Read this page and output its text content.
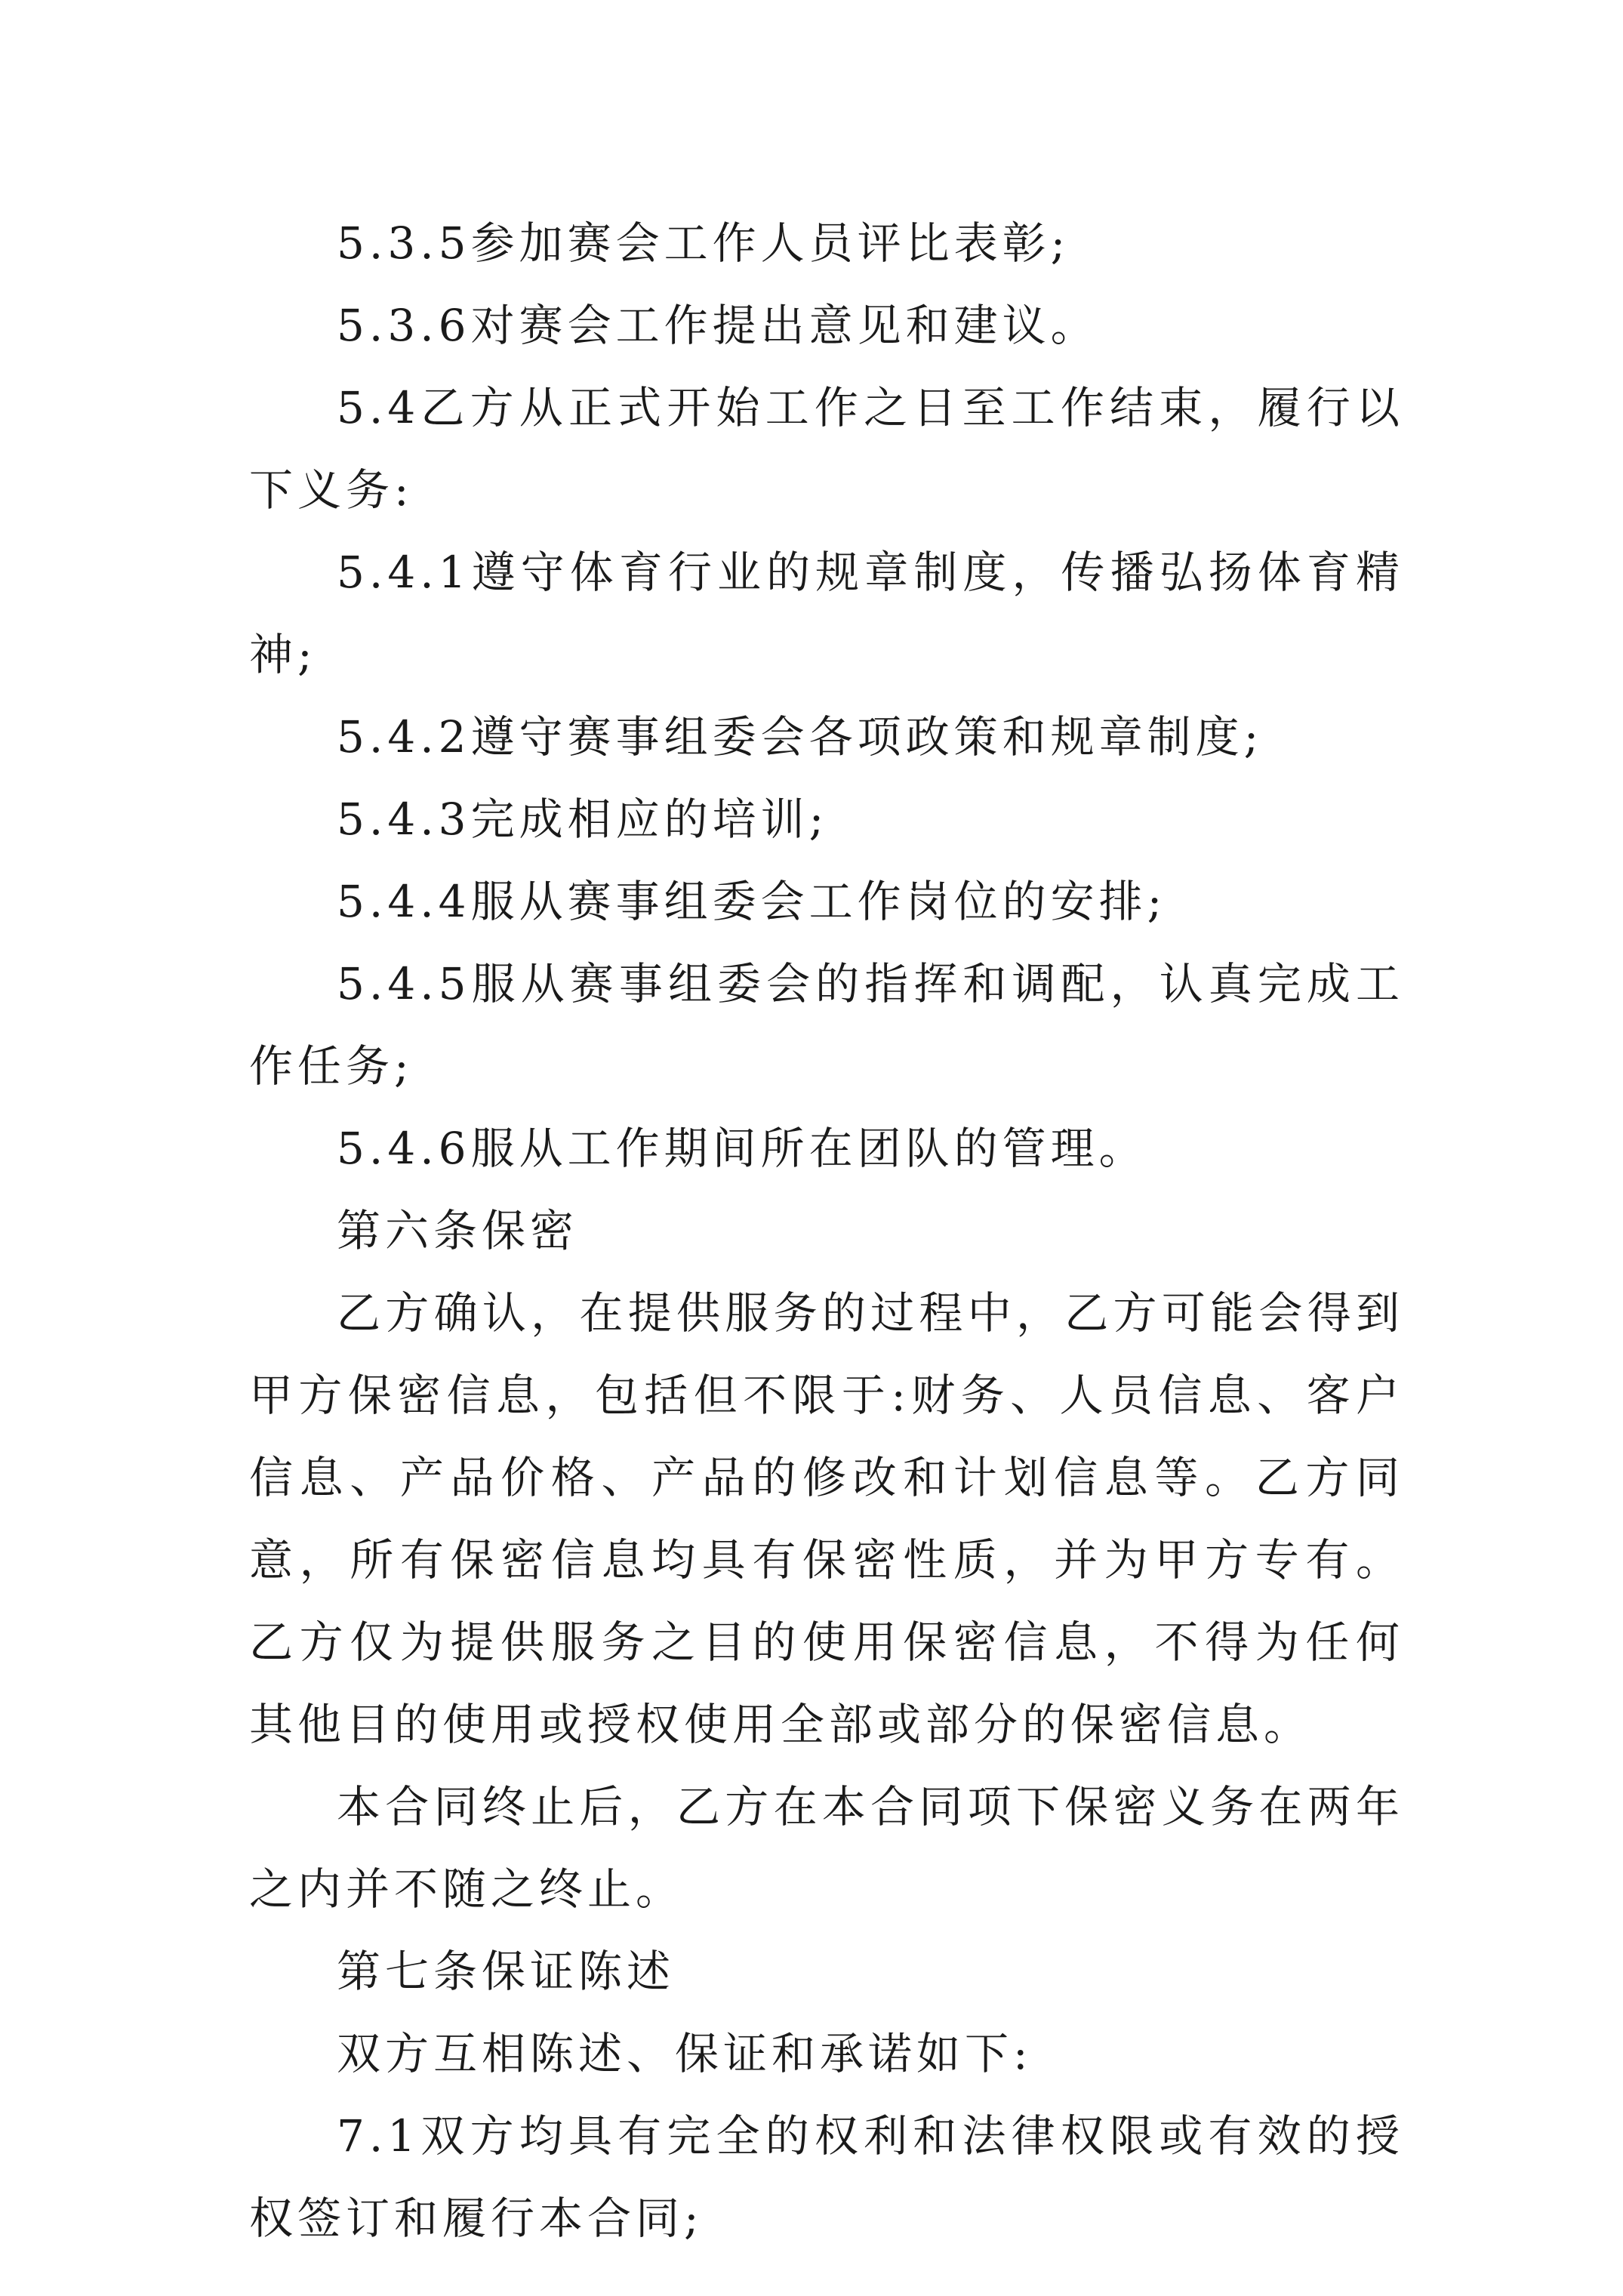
5.3.5参加赛会工作人员评比表彰;

5.3.6对赛会工作提出意见和建议。

5.4乙方从正式开始工作之日至工作结束，履行以下义务:

5.4.1遵守体育行业的规章制度，传播弘扬体育精神;

5.4.2遵守赛事组委会各项政策和规章制度;

5.4.3完成相应的培训;

5.4.4服从赛事组委会工作岗位的安排;

5.4.5服从赛事组委会的指挥和调配，认真完成工作任务;

5.4.6服从工作期间所在团队的管理。

第六条保密

乙方确认，在提供服务的过程中，乙方可能会得到甲方保密信息，包括但不限于:财务、人员信息、客户信息、产品价格、产品的修改和计划信息等。乙方同意，所有保密信息均具有保密性质，并为甲方专有。乙方仅为提供服务之目的使用保密信息，不得为任何其他目的使用或授权使用全部或部分的保密信息。

本合同终止后，乙方在本合同项下保密义务在两年之内并不随之终止。

第七条保证陈述

双方互相陈述、保证和承诺如下:

7.1双方均具有完全的权利和法律权限或有效的授权签订和履行本合同;
